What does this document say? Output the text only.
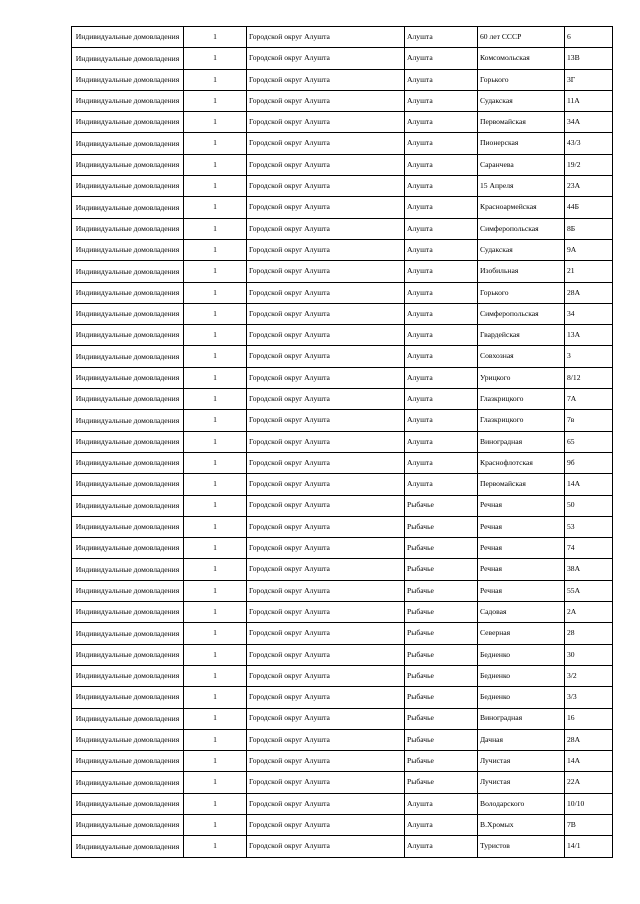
Индивидуальные домовладения	1	Городской округ Алушта	Алушта	60 лет СССР	6
Индивидуальные домовладения	1	Городской округ Алушта	Алушта	Комсомольская	13В
Индивидуальные домовладения	1	Городской округ Алушта	Алушта	Горького	3Г
Индивидуальные домовладения	1	Городской округ Алушта	Алушта	Судакская	11А
Индивидуальные домовладения	1	Городской округ Алушта	Алушта	Первомайская	34А
Индивидуальные домовладения	1	Городской округ Алушта	Алушта	Пионерская	43/3
Индивидуальные домовладения	1	Городской округ Алушта	Алушта	Саранчева	19/2
Индивидуальные домовладения	1	Городской округ Алушта	Алушта	15 Апреля	23А
Индивидуальные домовладения	1	Городской округ Алушта	Алушта	Красноармейская	44Б
Индивидуальные домовладения	1	Городской округ Алушта	Алушта	Симферопольская	8Б
Индивидуальные домовладения	1	Городской округ Алушта	Алушта	Судакская	9А
Индивидуальные домовладения	1	Городской округ Алушта	Алушта	Изобильная	21
Индивидуальные домовладения	1	Городской округ Алушта	Алушта	Горького	28А
Индивидуальные домовладения	1	Городской округ Алушта	Алушта	Симферопольская	34
Индивидуальные домовладения	1	Городской округ Алушта	Алушта	Гвардейская	13А
Индивидуальные домовладения	1	Городской округ Алушта	Алушта	Совхозная	3
Индивидуальные домовладения	1	Городской округ Алушта	Алушта	Урицкого	8/12
Индивидуальные домовладения	1	Городской округ Алушта	Алушта	Глазкрицкого	7А
Индивидуальные домовладения	1	Городской округ Алушта	Алушта	Глазкрицкого	7в
Индивидуальные домовладения	1	Городской округ Алушта	Алушта	Виноградная	65
Индивидуальные домовладения	1	Городской округ Алушта	Алушта	Краснофлотская	9б
Индивидуальные домовладения	1	Городской округ Алушта	Алушта	Первомайская	14А
Индивидуальные домовладения	1	Городской округ Алушта	Рыбачье	Речная	50
Индивидуальные домовладения	1	Городской округ Алушта	Рыбачье	Речная	53
Индивидуальные домовладения	1	Городской округ Алушта	Рыбачье	Речная	74
Индивидуальные домовладения	1	Городской округ Алушта	Рыбачье	Речная	38А
Индивидуальные домовладения	1	Городской округ Алушта	Рыбачье	Речная	55А
Индивидуальные домовладения	1	Городской округ Алушта	Рыбачье	Садовая	2А
Индивидуальные домовладения	1	Городской округ Алушта	Рыбачье	Северная	28
Индивидуальные домовладения	1	Городской округ Алушта	Рыбачье	Бедненко	30
Индивидуальные домовладения	1	Городской округ Алушта	Рыбачье	Бедненко	3/2
Индивидуальные домовладения	1	Городской округ Алушта	Рыбачье	Бедненко	3/3
Индивидуальные домовладения	1	Городской округ Алушта	Рыбачье	Виноградная	16
Индивидуальные домовладения	1	Городской округ Алушта	Рыбачье	Дачная	28А
Индивидуальные домовладения	1	Городской округ Алушта	Рыбачье	Лучистая	14А
Индивидуальные домовладения	1	Городской округ Алушта	Рыбачье	Лучистая	22А
Индивидуальные домовладения	1	Городской округ Алушта	Алушта	Володарского	10/10
Индивидуальные домовладения	1	Городской округ Алушта	Алушта	В.Хромых	7В
Индивидуальные домовладения	1	Городской округ Алушта	Алушта	Туристов	14/1
